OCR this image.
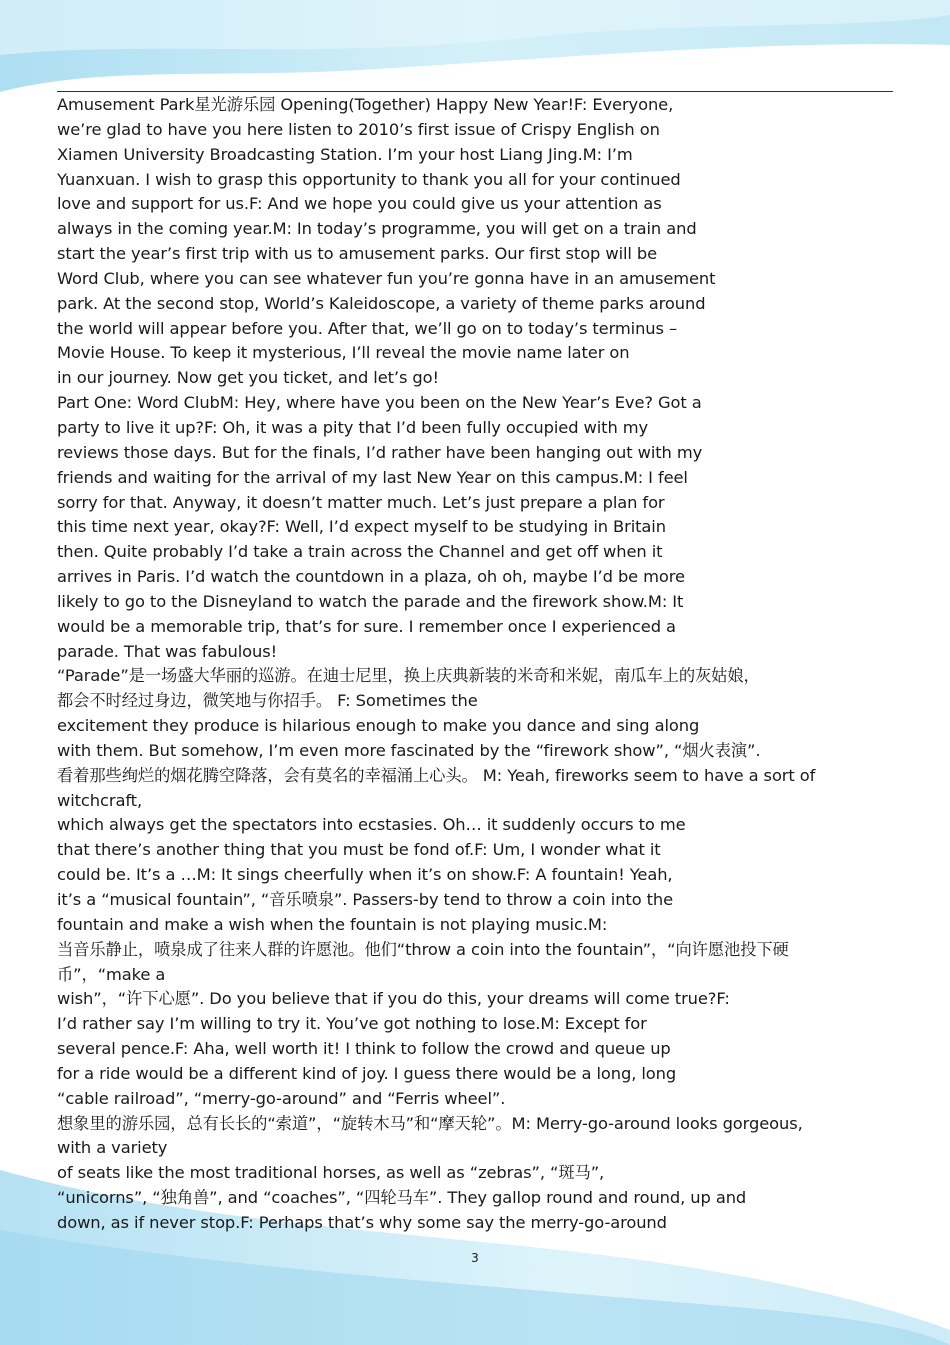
Amusement Park星光游乐园 Opening(Together) Happy New Year!F: Everyone,
we’re glad to have you here listen to 2010’s first issue of Crispy English on
Xiamen University Broadcasting Station. I’m your host Liang Jing.M: I’m
Yuanxuan. I wish to grasp this opportunity to thank you all for your continued
love and support for us.F: And we hope you could give us your attention as
always in the coming year.M: In today’s programme, you will get on a train and
start the year’s first trip with us to amusement parks. Our first stop will be
Word Club, where you can see whatever fun you’re gonna have in an amusement
park. At the second stop, World’s Kaleidoscope, a variety of theme parks around
the world will appear before you. After that, we’ll go on to today’s terminus –
Movie House. To keep it mysterious, I’ll reveal the movie name later on
in our journey. Now get you ticket, and let’s go!
Part One: Word ClubM: Hey, where have you been on the New Year’s Eve? Got a
party to live it up?F: Oh, it was a pity that I’d been fully occupied with my
reviews those days. But for the finals, I’d rather have been hanging out with my
friends and waiting for the arrival of my last New Year on this campus.M: I feel
sorry for that. Anyway, it doesn’t matter much. Let’s just prepare a plan for
this time next year, okay?F: Well, I’d expect myself to be studying in Britain
then. Quite probably I’d take a train across the Channel and get off when it
arrives in Paris. I’d watch the countdown in a plaza, oh oh, maybe I’d be more
likely to go to the Disneyland to watch the parade and the firework show.M: It
would be a memorable trip, that’s for sure. I remember once I experienced a
parade. That was fabulous!
“Parade”是一场盛大华丽的巡游。在迪士尼里，换上庆典新装的米奇和米妮，南瓜车上的灰姑娘，
都会不时经过身边，微笑地与你招手。 F: Sometimes the
excitement they produce is hilarious enough to make you dance and sing along
with them. But somehow, I’m even more fascinated by the “firework show”, “烟火表演”.
看着那些绚烂的烟花腾空降落，会有莫名的幸福涌上心头。 M: Yeah, fireworks seem to have a sort of
witchcraft,
which always get the spectators into ecstasies. Oh… it suddenly occurs to me
that there’s another thing that you must be fond of.F: Um, I wonder what it
could be. It’s a …M: It sings cheerfully when it’s on show.F: A fountain! Yeah,
it’s a “musical fountain”, “音乐喷泉”. Passers-by tend to throw a coin into the
fountain and make a wish when the fountain is not playing music.M:
当音乐静止，喷泉成了往来人群的许愿池。他们“throw a coin into the fountain”，“向许愿池投下硬
币”，“make a
wish”，“许下心愿”. Do you believe that if you do this, your dreams will come true?F:
I’d rather say I’m willing to try it. You’ve got nothing to lose.M: Except for
several pence.F: Aha, well worth it! I think to follow the crowd and queue up
for a ride would be a different kind of joy. I guess there would be a long, long
“cable railroad”, “merry-go-around” and “Ferris wheel”.
想象里的游乐园，总有长长的“索道”，“旋转木马”和“摩天轮”。M: Merry-go-around looks gorgeous,
with a variety
of seats like the most traditional horses, as well as “zebras”, “斑马”,
“unicorns”, “独角兽”, and “coaches”, “四轮马车”. They gallop round and round, up and
down, as if never stop.F: Perhaps that’s why some say the merry-go-around
3
